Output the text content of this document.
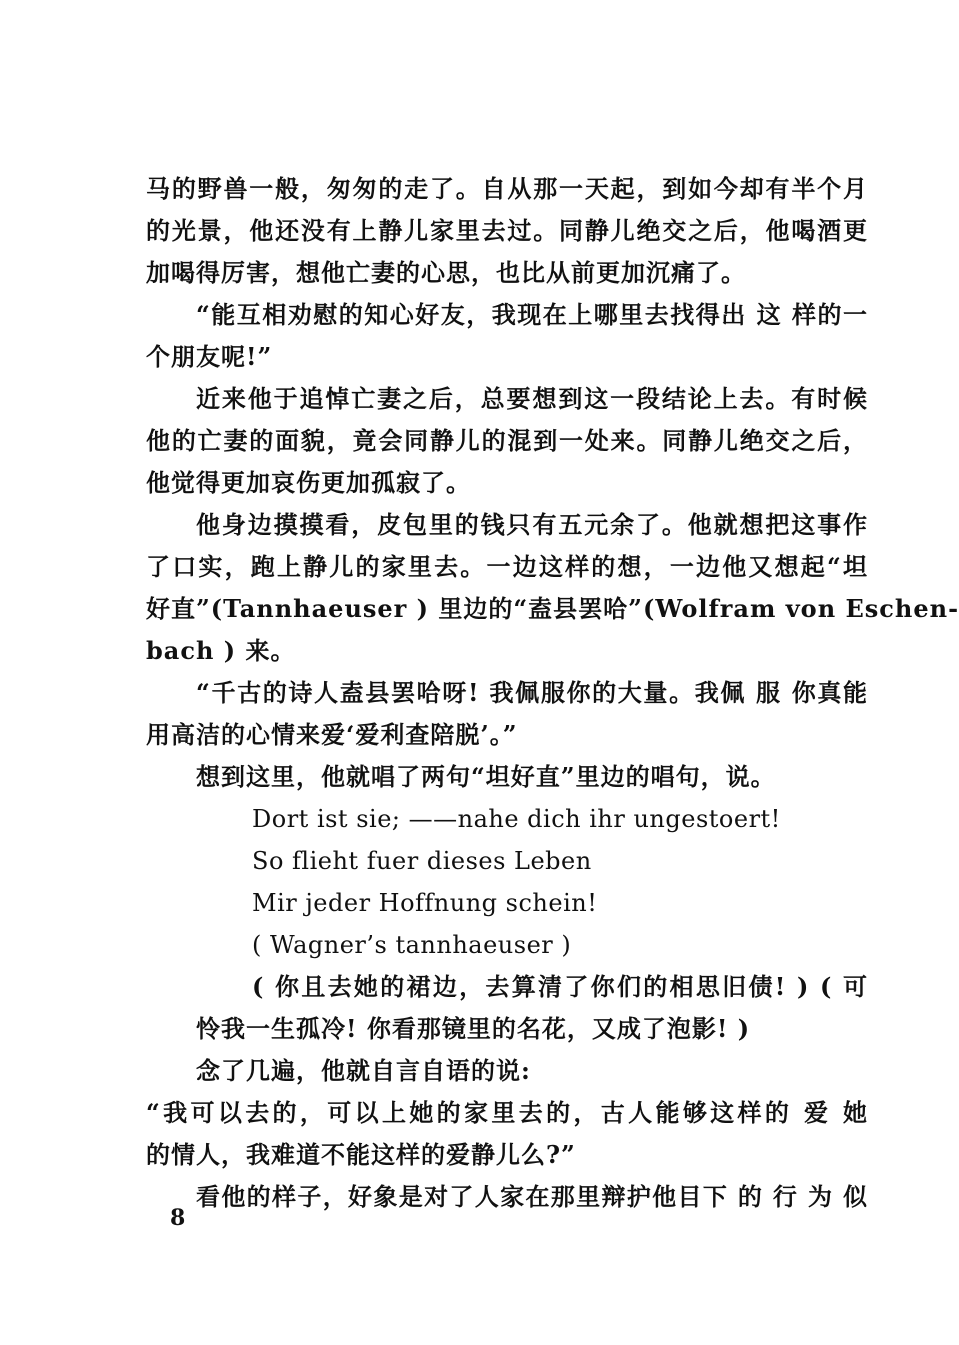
马的野兽一般，匆匆的走了。自从那一天起，到如今却有半个月
的光景，他还没有上静儿家里去过。同静儿绝交之后，他喝酒更
加喝得厉害，想他亡妻的心思，也比从前更加沉痛了。
“能互相劝慰的知心好友，我现在上哪里去找得出 这 样的一
个朋友呢!”
近来他于追悼亡妻之后，总要想到这一段结论上去。有时候
他的亡妻的面貌，竟会同静儿的混到一处来。同静儿绝交之后，
他觉得更加哀伤更加孤寂了。
他身边摸摸看，皮包里的钱只有五元余了。他就想把这事作
了口实，跑上静儿的家里去。一边这样的想，一边他又想起“坦
好直”(Tannhaeuser ) 里边的“盍县罢哈”(Wolfram von Eschen-
bach ) 来。
“千古的诗人盍县罢哈呀! 我佩服你的大量。我佩 服 你真能
用高洁的心情来爱‘爱利查陪脱’。”
想到这里，他就唱了两句“坦好直”里边的唱句，说。
Dort ist sie; ——nahe dich ihr ungestoert!
So flieht fuer dieses Leben
Mir jeder Hoffnung schein!
( Wagner’s tannhaeuser )
( 你且去她的裙边，去算清了你们的相思旧债! ) ( 可
怜我一生孤冷! 你看那镜里的名花，又成了泡影! )
念了几遍，他就自言自语的说:
“我可以去的，可以上她的家里去的，古人能够这样的 爱 她
的情人，我难道不能这样的爱静儿么?”
看他的样子，好象是对了人家在那里辩护他目下 的 行 为 似
8
